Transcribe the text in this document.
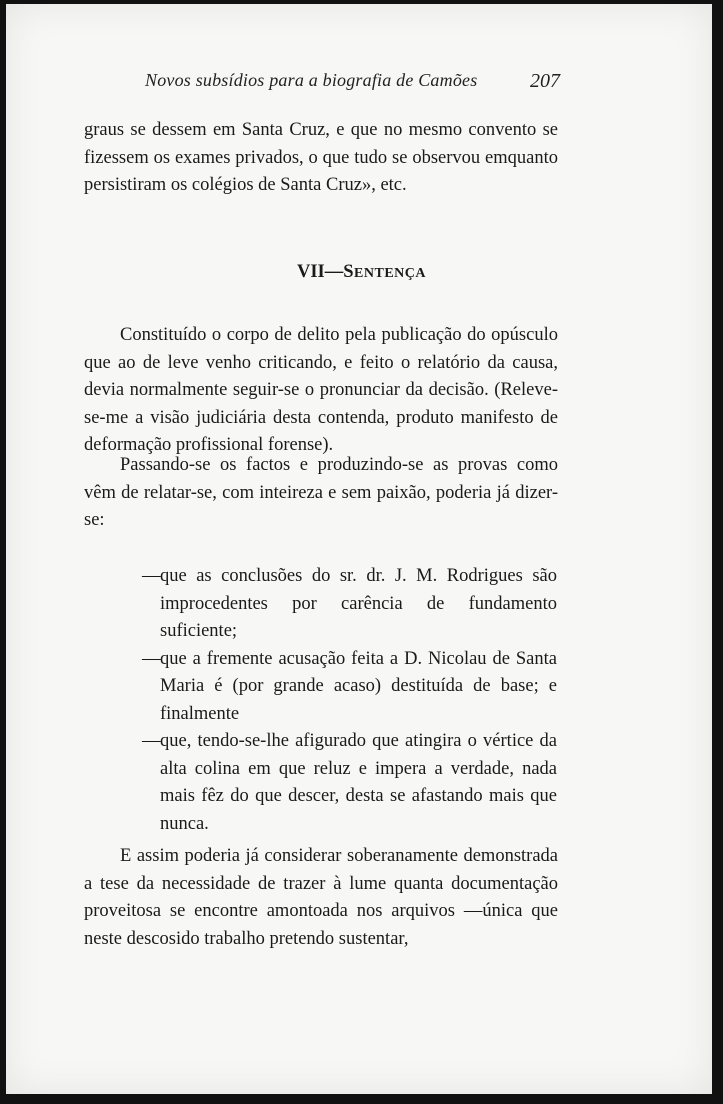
Novos subsídios para a biografia de Camões	207

graus se dessem em Santa Cruz, e que no mesmo convento se fizessem os exames privados, o que tudo se observou emquanto persistiram os colégios de Santa Cruz», etc.

VII—SENTENÇA

Constituído o corpo de delito pela publicação do opúsculo que ao de leve venho criticando, e feito o relatório da causa, devia normalmente seguir-se o pronunciar da decisão. (Releve-se-me a visão judiciária desta contenda, produto manifesto de deformação profissional forense).

Passando-se os factos e produzindo-se as provas como vêm de relatar-se, com inteireza e sem paixão, poderia já dizer-se:

—que as conclusões do sr. dr. J. M. Rodrigues são improcedentes por carência de fundamento suficiente;
—que a fremente acusação feita a D. Nicolau de Santa Maria é (por grande acaso) destituída de base; e finalmente
—que, tendo-se-lhe afigurado que atingira o vértice da alta colina em que reluz e impera a verdade, nada mais fêz do que descer, desta se afastando mais que nunca.

E assim poderia já considerar soberanamente demonstrada a tese da necessidade de trazer à lume quanta documentação proveitosa se encontre amontoada nos arquivos —única que neste descosido trabalho pretendo sustentar,
